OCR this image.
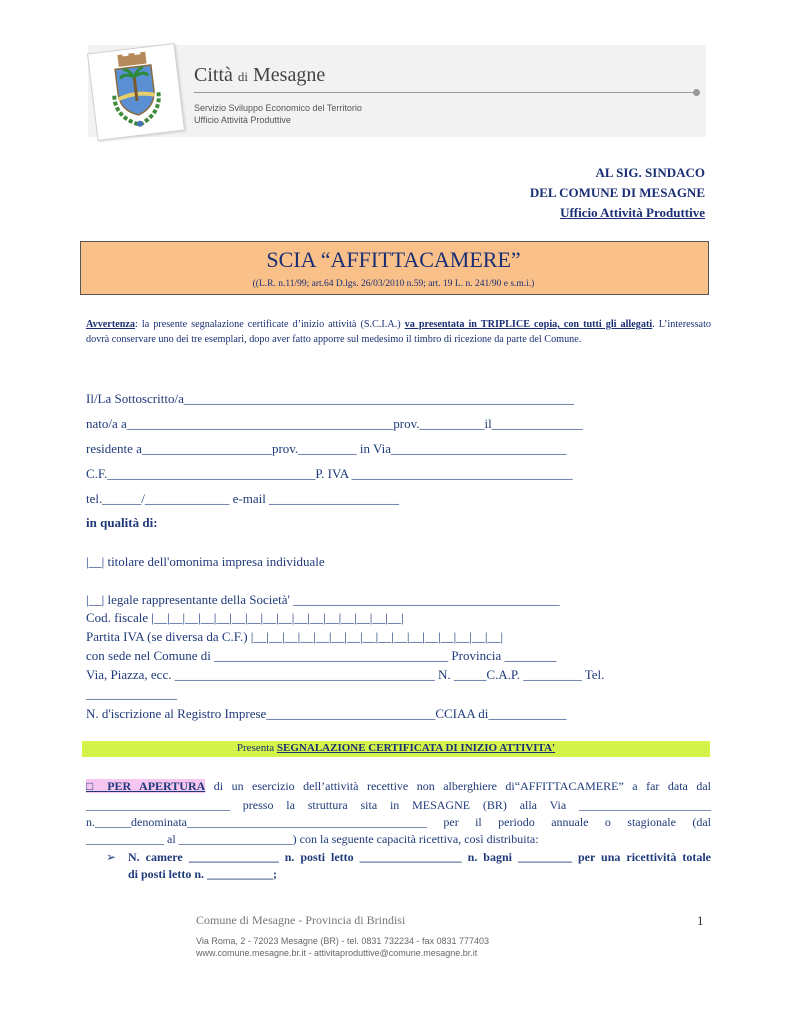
Città di Mesagne
Servizio Sviluppo Economico del Territorio
Ufficio Attività Produttive
AL SIG. SINDACO
DEL COMUNE DI MESAGNE
Ufficio Attività Produttive
SCIA “AFFITTACAMERE”
((L.R. n.11/99; art.64 D.lgs. 26/03/2010 n.59; art. 19 L. n. 241/90 e s.m.i.)
Avvertenza: la presente segnalazione certificate d’inizio attività (S.C.I.A.) va presentata in TRIPLICE copia, con tutti gli allegati. L’interessato dovrà conservare uno dei tre esemplari, dopo aver fatto apporre sul medesimo il timbro di ricezione da parte del Comune.
Il/La Sottoscritto/a____________________________________________________________
nato/a a_________________________________________prov.__________il______________
residente a____________________prov._________ in Via___________________________
C.F.________________________________P. IVA __________________________________
tel.______/_____________ e-mail ____________________
in qualità di:
|__| titolare dell'omonima impresa individuale
|__| legale rappresentante della Società' _________________________________________
Cod. fiscale |__|__|__|__|__|__|__|__|__|__|__|__|__|__|__|__|
Partita IVA (se diversa da C.F.) |__|__|__|__|__|__|__|__|__|__|__|__|__|__|__|__|
con sede nel Comune di ____________________________________ Provincia ________
Via, Piazza, ecc. ________________________________________ N. _____C.A.P. _________ Tel.
______________
N. d'iscrizione al Registro Imprese__________________________CCIAA di____________
Presenta SEGNALAZIONE CERTIFICATA DI INIZIO ATTIVITA'
□ PER APERTURA di un esercizio dell’attività recettive non alberghiere di“AFFITTACAMERE” a far data dal
________________________ presso la struttura sita in MESAGNE (BR) alla Via ______________________
n.______denominata________________________________________ per il periodo annuale o stagionale (dal
_____________ al ___________________) con la seguente capacità ricettiva, così distribuita:
➢ N. camere _______________ n. posti letto _________________ n. bagni _________ per una ricettività totale
di posti letto n. ___________;
Comune di Mesagne - Provincia di Brindisi	1
Via Roma, 2 - 72023 Mesagne (BR) - tel. 0831 732234 - fax 0831 777403
www.comune.mesagne.br.it - attivitaproduttive@comune.mesagne.br.it
